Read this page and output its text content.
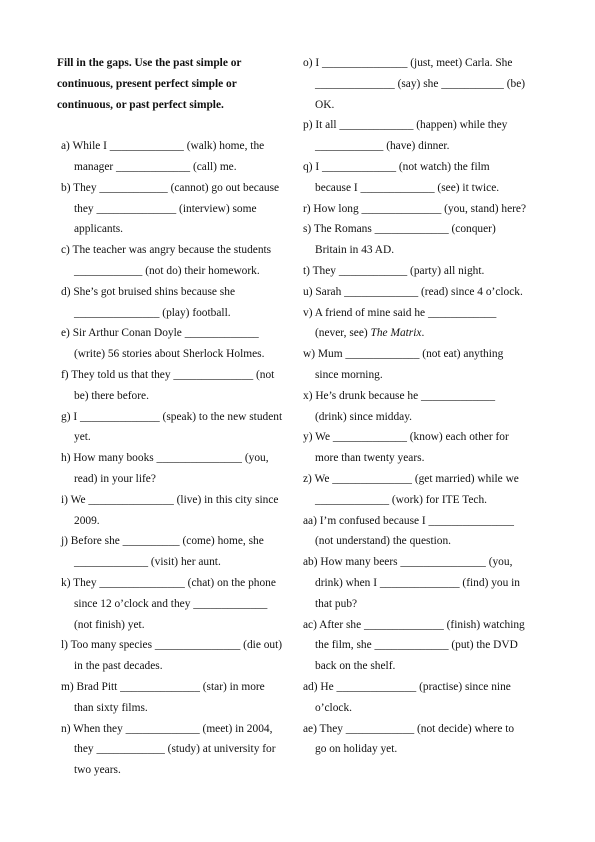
Fill in the gaps. Use the past simple or
continuous, present perfect simple or
continuous, or past perfect simple.
a) While I _____________ (walk) home, the
manager _____________ (call) me.
b) They ____________ (cannot) go out because
they ______________ (interview) some
applicants.
c) The teacher was angry because the students
____________ (not do) their homework.
d) She’s got bruised shins because she
_______________ (play) football.
e) Sir Arthur Conan Doyle _____________
(write) 56 stories about Sherlock Holmes.
f) They told us that they ______________ (not
be) there before.
g) I ______________ (speak) to the new student
yet.
h) How many books _______________ (you,
read) in your life?
i) We _______________ (live) in this city since
2009.
j) Before she __________ (come) home, she
_____________ (visit) her aunt.
k) They _______________ (chat) on the phone
since 12 o’clock and they _____________
(not finish) yet.
l) Too many species _______________ (die out)
in the past decades.
m) Brad Pitt ______________ (star) in more
than sixty films.
n) When they _____________ (meet) in 2004,
they ____________ (study) at university for
two years.
o) I _______________ (just, meet) Carla. She
______________ (say) she ___________ (be)
OK.
p) It all _____________ (happen) while they
____________ (have) dinner.
q) I _____________ (not watch) the film
because I _____________ (see) it twice.
r) How long ______________ (you, stand) here?
s) The Romans _____________ (conquer)
Britain in 43 AD.
t) They ____________ (party) all night.
u) Sarah _____________ (read) since 4 o’clock.
v) A friend of mine said he ____________
(never, see) The Matrix.
w) Mum _____________ (not eat) anything
since morning.
x) He’s drunk because he _____________
(drink) since midday.
y) We _____________ (know) each other for
more than twenty years.
z) We ______________ (get married) while we
_____________ (work) for ITE Tech.
aa) I’m confused because I _______________
(not understand) the question.
ab) How many beers _______________ (you,
drink) when I ______________ (find) you in
that pub?
ac) After she ______________ (finish) watching
the film, she _____________ (put) the DVD
back on the shelf.
ad) He ______________ (practise) since nine
o’clock.
ae) They ____________ (not decide) where to
go on holiday yet.
